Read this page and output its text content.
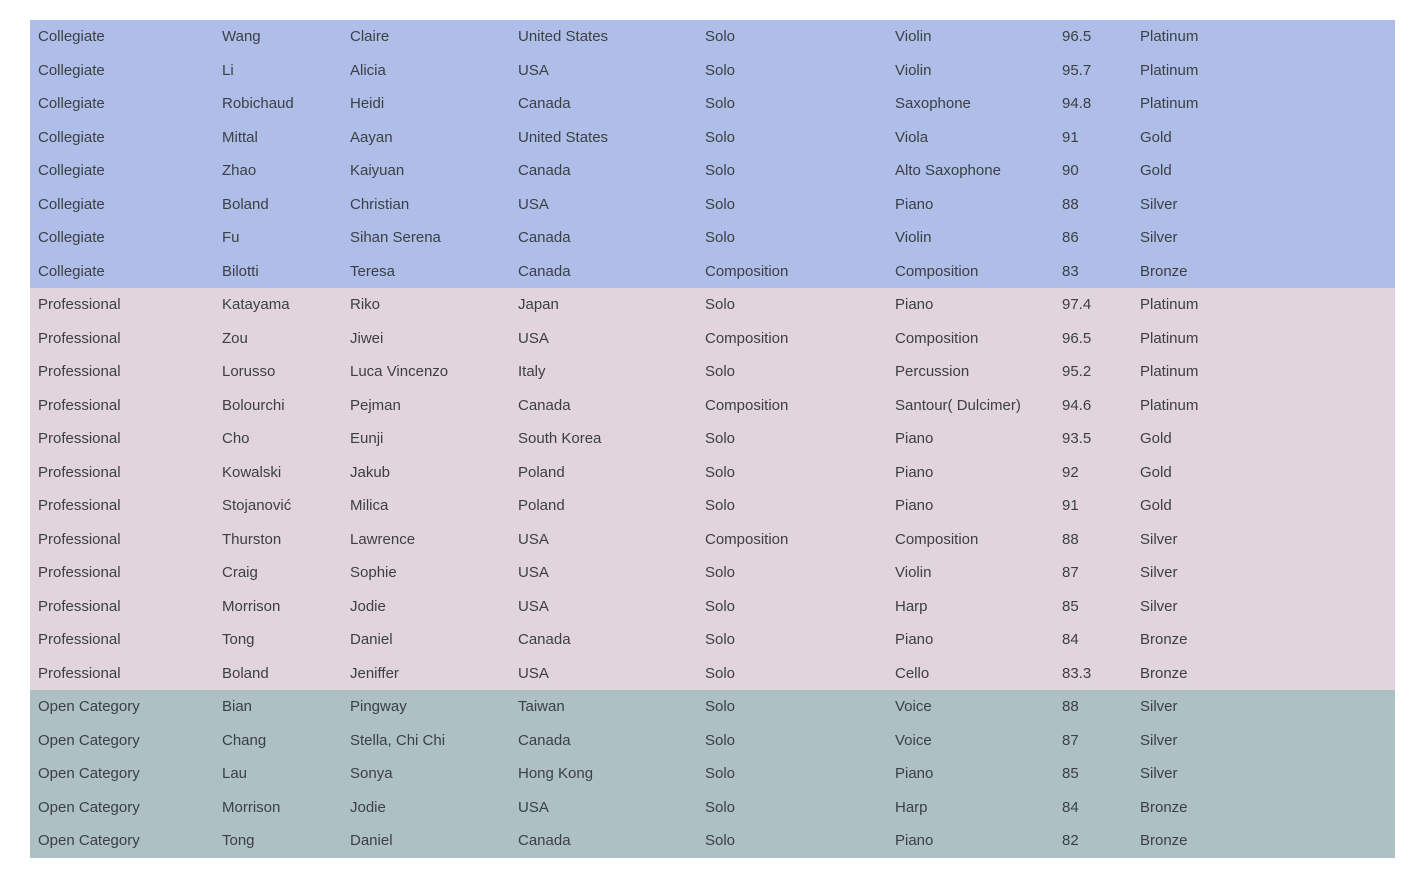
Collegiate	Wang	Claire	United States	Solo	Violin	96.5	Platinum
Collegiate	Li	Alicia	USA	Solo	Violin	95.7	Platinum
Collegiate	Robichaud	Heidi	Canada	Solo	Saxophone	94.8	Platinum
Collegiate	Mittal	Aayan	United States	Solo	Viola	91	Gold
Collegiate	Zhao	Kaiyuan	Canada	Solo	Alto Saxophone	90	Gold
Collegiate	Boland	Christian	USA	Solo	Piano	88	Silver
Collegiate	Fu	Sihan Serena	Canada	Solo	Violin	86	Silver
Collegiate	Bilotti	Teresa	Canada	Composition	Composition	83	Bronze
Professional	Katayama	Riko	Japan	Solo	Piano	97.4	Platinum
Professional	Zou	Jiwei	USA	Composition	Composition	96.5	Platinum
Professional	Lorusso	Luca Vincenzo	Italy	Solo	Percussion	95.2	Platinum
Professional	Bolourchi	Pejman	Canada	Composition	Santour( Dulcimer)	94.6	Platinum
Professional	Cho	Eunji	South Korea	Solo	Piano	93.5	Gold
Professional	Kowalski	Jakub	Poland	Solo	Piano	92	Gold
Professional	Stojanović	Milica	Poland	Solo	Piano	91	Gold
Professional	Thurston	Lawrence	USA	Composition	Composition	88	Silver
Professional	Craig	Sophie	USA	Solo	Violin	87	Silver
Professional	Morrison	Jodie	USA	Solo	Harp	85	Silver
Professional	Tong	Daniel	Canada	Solo	Piano	84	Bronze
Professional	Boland	Jeniffer	USA	Solo	Cello	83.3	Bronze
Open Category	Bian	Pingway	Taiwan	Solo	Voice	88	Silver
Open Category	Chang	Stella, Chi Chi	Canada	Solo	Voice	87	Silver
Open Category	Lau	Sonya	Hong Kong	Solo	Piano	85	Silver
Open Category	Morrison	Jodie	USA	Solo	Harp	84	Bronze
Open Category	Tong	Daniel	Canada	Solo	Piano	82	Bronze
